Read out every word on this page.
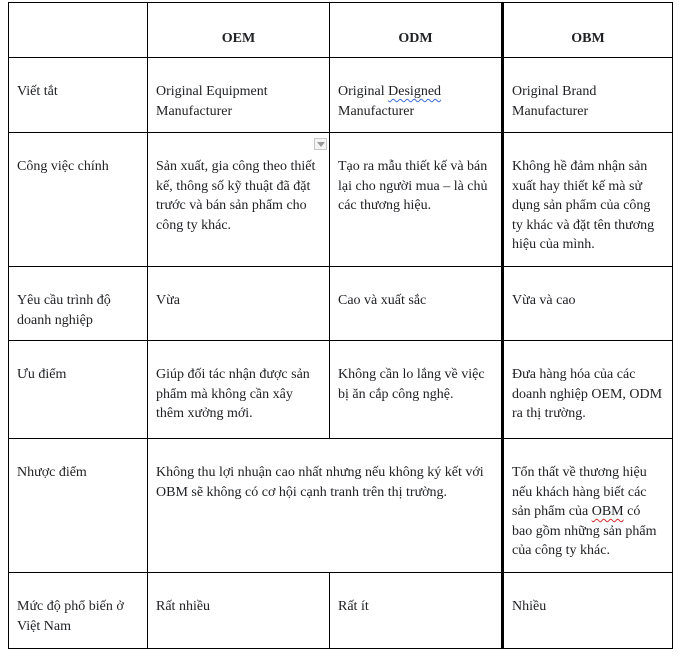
	OEM	ODM	OBM

Viết tắt	Original Equipment Manufacturer	Original Designed Manufacturer	Original Brand Manufacturer

Công việc chính	Sản xuất, gia công theo thiết kế, thông số kỹ thuật đã đặt trước và bán sản phẩm cho công ty khác.	Tạo ra mẫu thiết kế và bán lại cho người mua – là chủ các thương hiệu.	Không hề đảm nhận sản xuất hay thiết kế mà sử dụng sản phẩm của công ty khác và đặt tên thương hiệu của mình.

Yêu cầu trình độ doanh nghiệp	Vừa	Cao và xuất sắc	Vừa và cao

Ưu điểm	Giúp đối tác nhận được sản phẩm mà không cần xây thêm xưởng mới.	Không cần lo lắng về việc bị ăn cắp công nghệ.	Đưa hàng hóa của các doanh nghiệp OEM, ODM ra thị trường.

Nhược điểm	Không thu lợi nhuận cao nhất nhưng nếu không ký kết với OBM sẽ không có cơ hội cạnh tranh trên thị trường.		Tổn thất về thương hiệu nếu khách hàng biết các sản phẩm của OBM có bao gồm những sản phẩm của công ty khác.

Mức độ phổ biến ở Việt Nam	Rất nhiều	Rất ít	Nhiều
